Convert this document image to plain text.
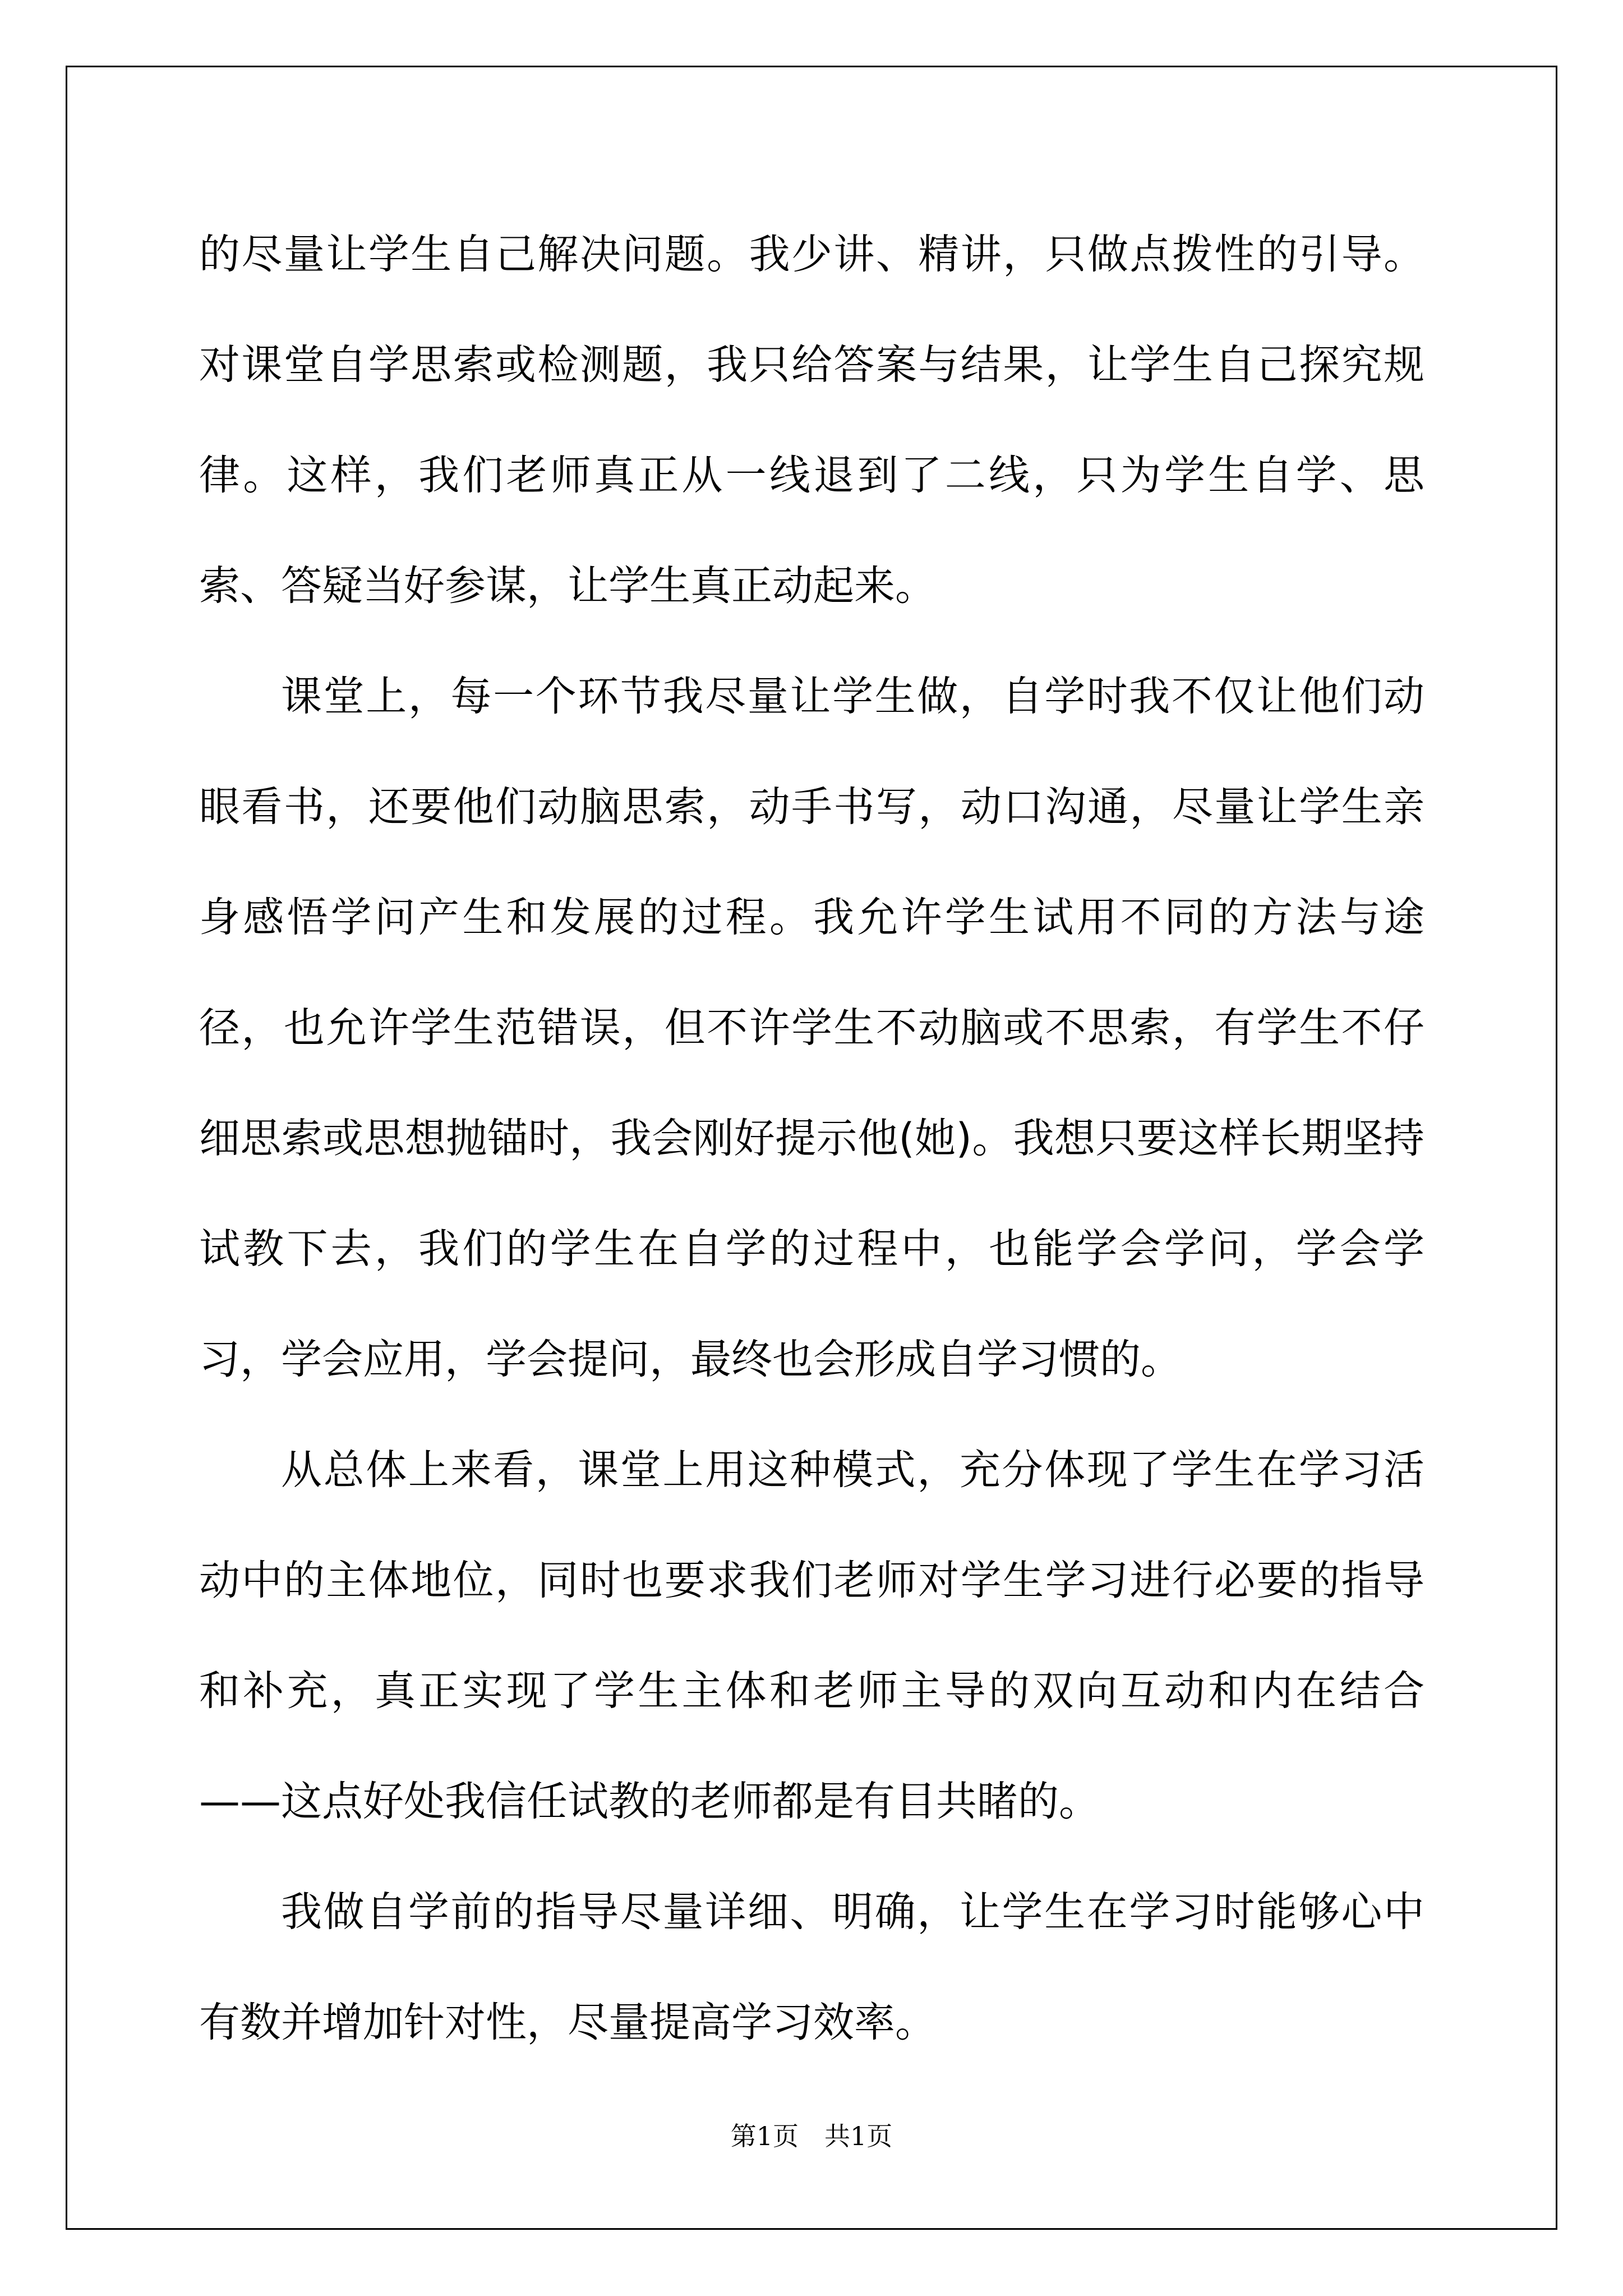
的尽量让学生自己解决问题。我少讲、精讲，只做点拨性的引导。对课堂自学思索或检测题，我只给答案与结果，让学生自己探究规律。这样，我们老师真正从一线退到了二线，只为学生自学、思索、答疑当好参谋，让学生真正动起来。

课堂上，每一个环节我尽量让学生做，自学时我不仅让他们动眼看书，还要他们动脑思索，动手书写，动口沟通，尽量让学生亲身感悟学问产生和发展的过程。我允许学生试用不同的方法与途径，也允许学生范错误，但不许学生不动脑或不思索，有学生不仔细思索或思想抛锚时，我会刚好提示他(她)。我想只要这样长期坚持试教下去，我们的学生在自学的过程中，也能学会学问，学会学习，学会应用，学会提问，最终也会形成自学习惯的。

从总体上来看，课堂上用这种模式，充分体现了学生在学习活动中的主体地位，同时也要求我们老师对学生学习进行必要的指导和补充，真正实现了学生主体和老师主导的双向互动和内在结合——这点好处我信任试教的老师都是有目共睹的。

我做自学前的指导尽量详细、明确，让学生在学习时能够心中有数并增加针对性，尽量提高学习效率。

第1页 共1页
